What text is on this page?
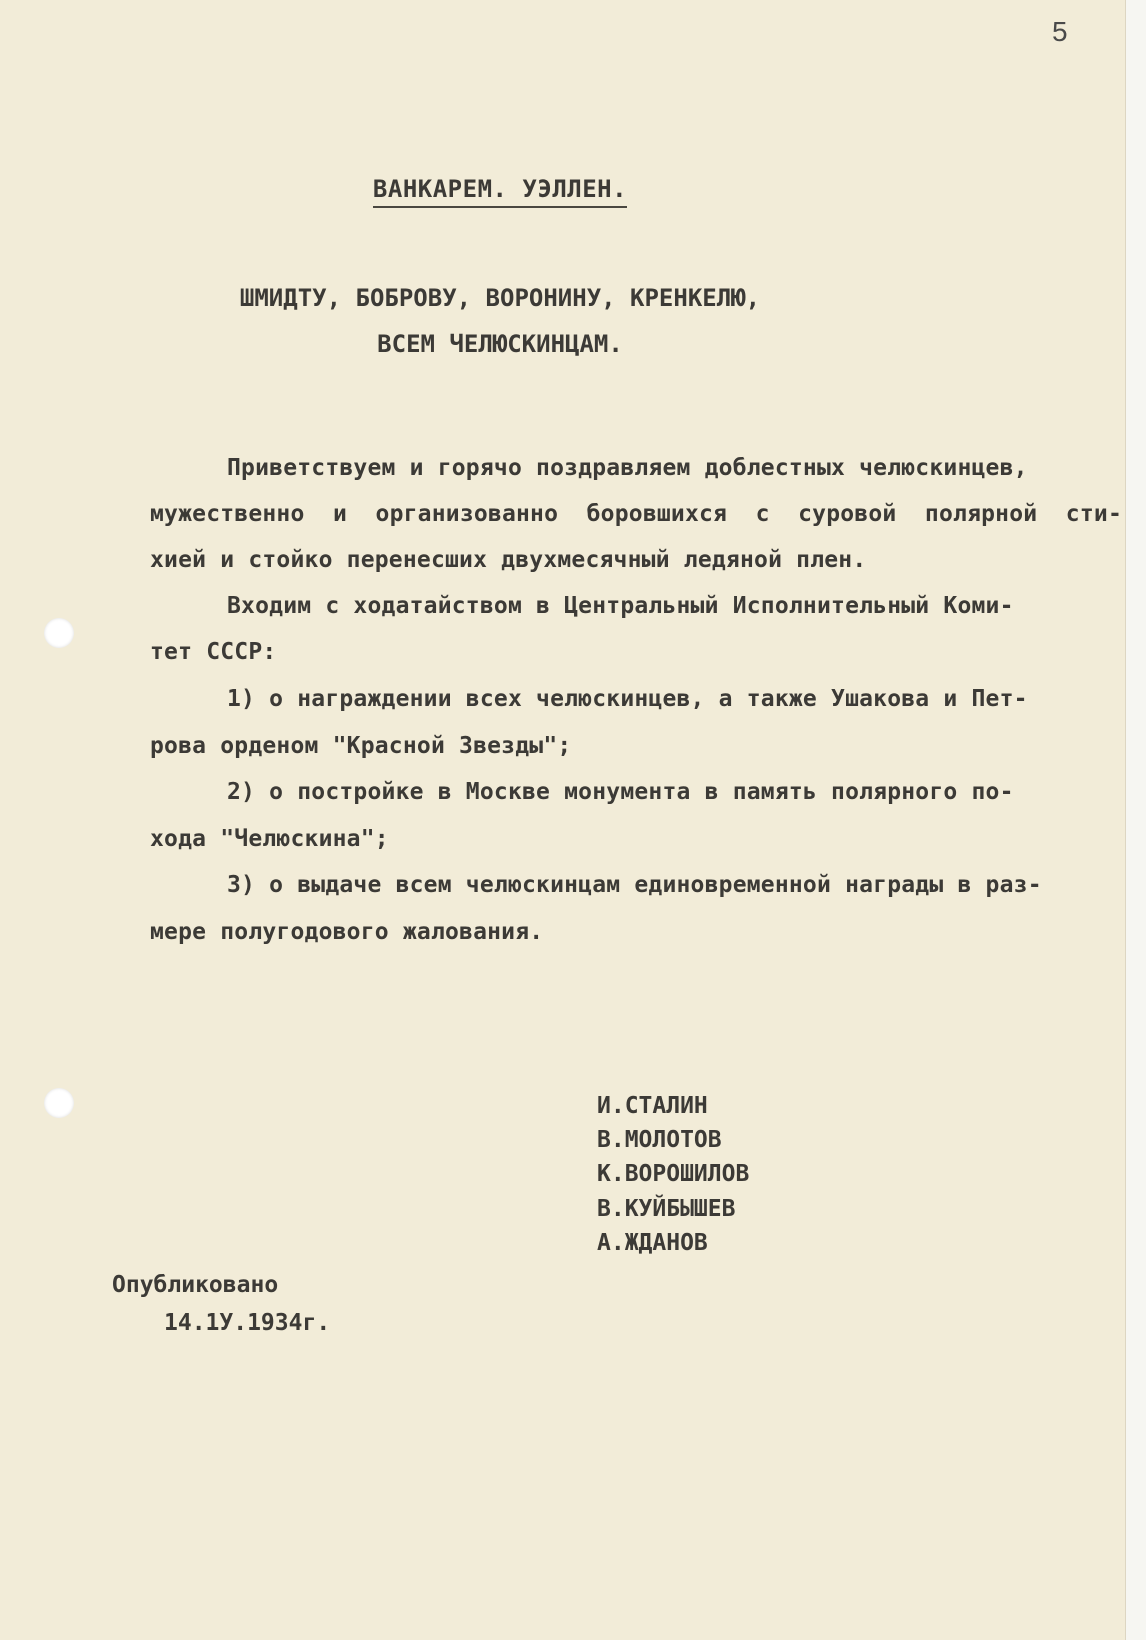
5
ВАНКАРЕМ. УЭЛЛЕН.
ШМИДТУ, БОБРОВУ, ВОРОНИНУ, КРЕНКЕЛЮ,
ВСЕМ ЧЕЛЮСКИНЦАМ.
Приветствуем и горячо поздравляем доблестных челюскинцев,
мужественно и организованно боровшихся с суровой полярной сти-
хией и стойко перенесших двухмесячный ледяной плен.
Входим с ходатайством в Центральный Исполнительный Коми-
тет СССР:
1) о награждении всех челюскинцев, а также Ушакова и Пет-
рова орденом "Красной Звезды";
2) о постройке в Москве монумента в память полярного по-
хода "Челюскина";
3) о выдаче всем челюскинцам единовременной награды в раз-
мере полугодового жалования.
И.СТАЛИН
В.МОЛОТОВ
К.ВОРОШИЛОВ
В.КУЙБЫШЕВ
А.ЖДАНОВ
Опубликовано
14.1У.1934г.
